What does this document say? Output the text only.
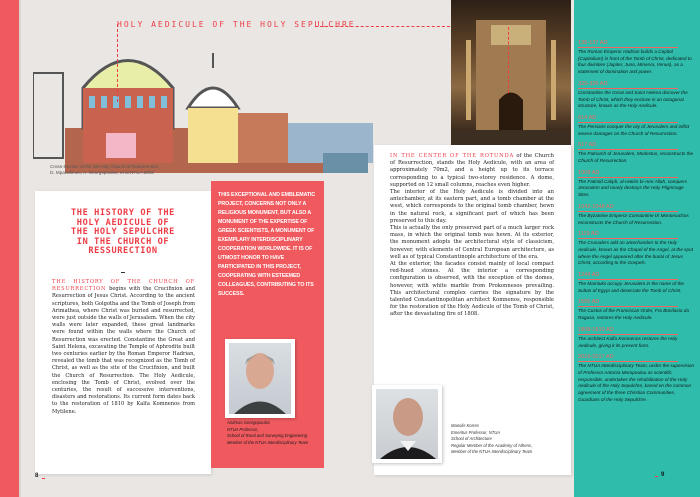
HOLY AEDICULE OF THE HOLY SEPULCHRE
Cross-Section of the 3D-Holy Church of Resurrection,
D. Mpalodimos, A. Georgopoulos, et al.NTUA 2003
THE HISTORY OF THE
HOLY AEDICULE OF
THE HOLY SEPULCHRE
IN THE CHURCH OF
RESSURECTION
THE HISTORY OF THE CHURCH OF RESURRECTION begins with the Crucifixion and Resurrection of Jesus Christ. According to the ancient scriptures, both Golgotha and the Tomb of Joseph from Arimathea, where Christ was buried and resurrected, were just outside the walls of Jerusalem. When the city walls were later expanded, these great landmarks were found within the walls where the Church of Resurrection was erected. Constantine the Great and Saint Helena, excavating the Temple of Aphrodite built two centuries earlier by the Roman Emperor Hadrian, revealed the tomb that was recognized as the Tomb of Christ, as well as the site of the Crucifixion, and built the Church of Resurrection. The Holy Aedicule, enclosing the Tomb of Christ, evolved over the centuries, the result of successive interventions, disasters and restorations. Its current form dates back to the restoration of 1810 by Kalfa Komnenos from Mytilene.
THIS EXCEPTIONAL AND EMBLEMATIC PROJECT, CONCERNS NOT ONLY A RELIGIOUS MONUMENT, BUT ALSO A MONUMENT OF THE EXPERTISE OF GREEK SCIENTISTS, A MONUMENT OF EXEMPLARY INTERDISCIPLINARY COOPERATION WORLDWIDE. IT IS OF UTMOST HONOR TO HAVE PARTICIPATED IN THIS PROJECT, COOPERATING WITH ESTEEMED COLLEAGUES, CONTRIBUTING TO ITS SUCCESS.
Andreas Georgopoulos
NTUA Professor,
School of Rural and Surveying Engineering
Member of the NTUA Interdisciplinary Team

IN THE CENTER OF THE ROTUNDA of the Church of Resurrection, stands the Holy Aedicule, with an area of approximately 70m2, and a height up to its terrace corresponding to a typical two-storey residence. A dome, supported on 12 small columns, reaches even higher.

The interior of the Holy Aedicule is divided into an antechamber, at its eastern part, and a tomb chamber at the west, which corresponds to the original tomb chamber, hewn in the natural rock, a significant part of which has been preserved to this day.

This is actually the only preserved part of a much larger rock mass, in which the original tomb was hewn. At its exterior, the monument adopts the architectural style of classicism, however, with elements of Central European architecture, as well as of typical Constantinople architecture of the era.

At the exterior, the facades consist mainly of local compact red-hued stones. At the interior a corresponding configuration is observed, with the exception of the domes, however, with white marble from Prokonnesos prevailing. This architectural complex carries the signature by the talented Constantinopolitan architect Komnenos, responsible for the restoration of the Holy Aedicule of the Tomb of Christ, after the devastating fire of 1808.

Manolis Korres
Emeritus Professor, NTUA
School of Architecture
Regular Member of the Academy of Athens,
Member of the NTUA Interdisciplinary Team
135-137 AD
The Roman Emperor Hadrian builds a Capitol (Capitolium) in front of the Tomb of Christ, dedicated to four divinities (Jupiter, Juno, Minerva, Venus), as a statement of domination and power.
325-326 AD
Constantine the Great and Saint Helena discover the Tomb of Christ, which they enclose in an octagonal structure, known as the Holy Aedicule.
614 AD
The Persians conquer the city of Jerusalem and inflict severe damages on the Church of Resurrection.
617 AD
The Patriarch of Jerusalem, Modestus, reconstructs the Church of Resurrection.
1009 AD
The Fatimid Caliph, al-Hakim bi-Amr Allah, conquers Jerusalem and nearly destroys the Holy Pilgrimage Sites.
1042-1048 AD
The Byzantine Emperor Constantine IX Monomachos reconstructs the Church of Resurrection.
1119 AD
The Crusaders add an antechamber to the Holy Aedicule, known as the Chapel of the Angel, at the spot where the Angel appeared after the burial of Jesus Christ, according to the Gospels.
1244 AD
The Mamluks occupy Jerusalem in the name of the Sultan of Egypt and desecrate the Tomb of Christ.
1555 AD
The Custos of the Franciscan Order, Fra Bonifacio da Ragusa, restores the Holy Aedicule.
1808-1810 AD
The architect Kalfa Komnenos restores the Holy Aedicule, giving it its present form.
2016-2017 AD
The NTUA Interdisciplinary Team, under the supervision of Professor Antonia Moropoulou as scientific responsible, undertakes the rehabilitation of the Holy Aedicule of the Holy Sepulchre, based on the common agreement of the three Christian Communities, Guardians of the Holy Sepulchre.
8	9
